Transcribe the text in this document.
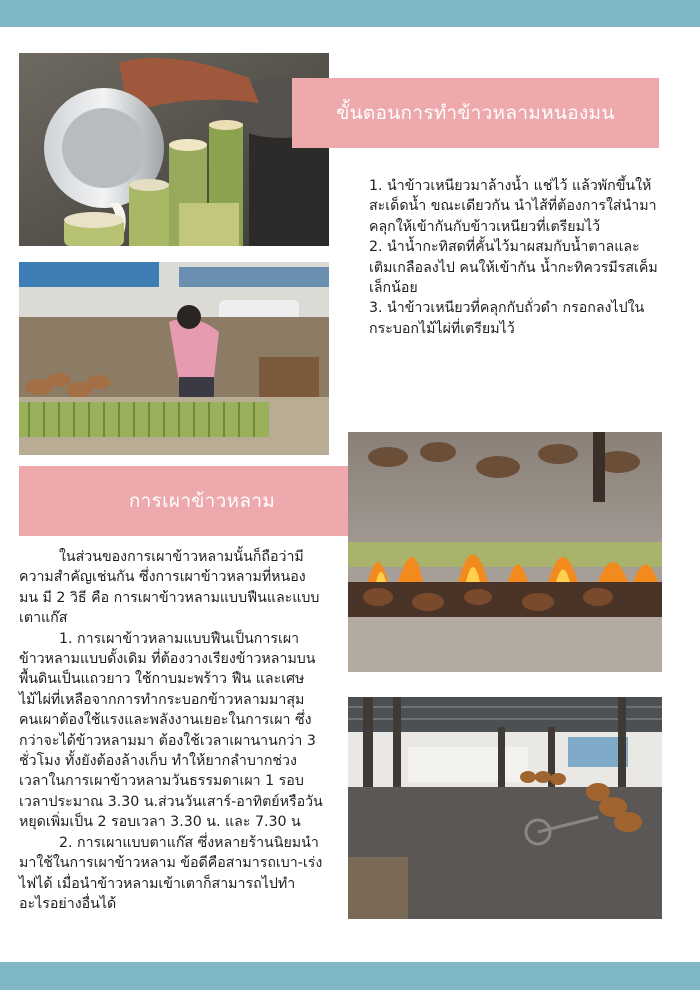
ขั้นตอนการทำข้าวหลามหนองมน

1. นำข้าวเหนียวมาล้างน้ำ แช่ไว้ แล้วพักขึ้นให้สะเด็ดน้ำ ขณะเดียวกัน นำไส้ที่ต้องการใส่นำมาคลุกให้เข้ากันกับข้าวเหนียวที่เตรียมไว้

2. นำน้ำกะทิสดที่คั้นไว้มาผสมกับน้ำตาลและเติมเกลือลงไป คนให้เข้ากัน น้ำกะทิควรมีรสเค็มเล็กน้อย

3. นำข้าวเหนียวที่คลุกกับถั่วดำ กรอกลงไปในกระบอกไม้ไผ่ที่เตรียมไว้

การเผาข้าวหลาม

ในส่วนของการเผาข้าวหลามนั้นก็ถือว่ามีความสำคัญเช่นกัน ซึ่งการเผาข้าวหลามที่หนองมน มี 2 วิธี คือ การเผาข้าวหลามแบบฟืนและแบบเตาแก๊ส

1. การเผาข้าวหลามแบบฟืนเป็นการเผาข้าวหลามแบบดั้งเดิม ที่ต้องวางเรียงข้าวหลามบนพื้นดินเป็นแถวยาว ใช้กาบมะพร้าว ฟืน และเศษไม้ไผ่ที่เหลือจากการทำกระบอกข้าวหลามมาสุม คนเผาต้องใช้แรงและพลังงานเยอะในการเผา ซึ่งกว่าจะได้ข้าวหลามมา ต้องใช้เวลาเผานานกว่า 3 ชั่วโมง ทั้งยังต้องล้างเก็บ ทำให้ยากลำบากช่วงเวลาในการเผาข้าวหลามวันธรรมดาเผา 1 รอบเวลาประมาณ 3.30 น.ส่วนวันเสาร์-อาทิตย์หรือวันหยุดเพิ่มเป็น 2 รอบเวลา 3.30 น. และ 7.30 น

2. การเผาแบบตาแก๊ส ซึ่งหลายร้านนิยมนำมาใช้ในการเผาข้าวหลาม ข้อดีคือสามารถเบา-เร่งไฟได้ เมื่อนำข้าวหลามเข้าเตาก็สามารถไปทำอะไรอย่างอื่นได้
